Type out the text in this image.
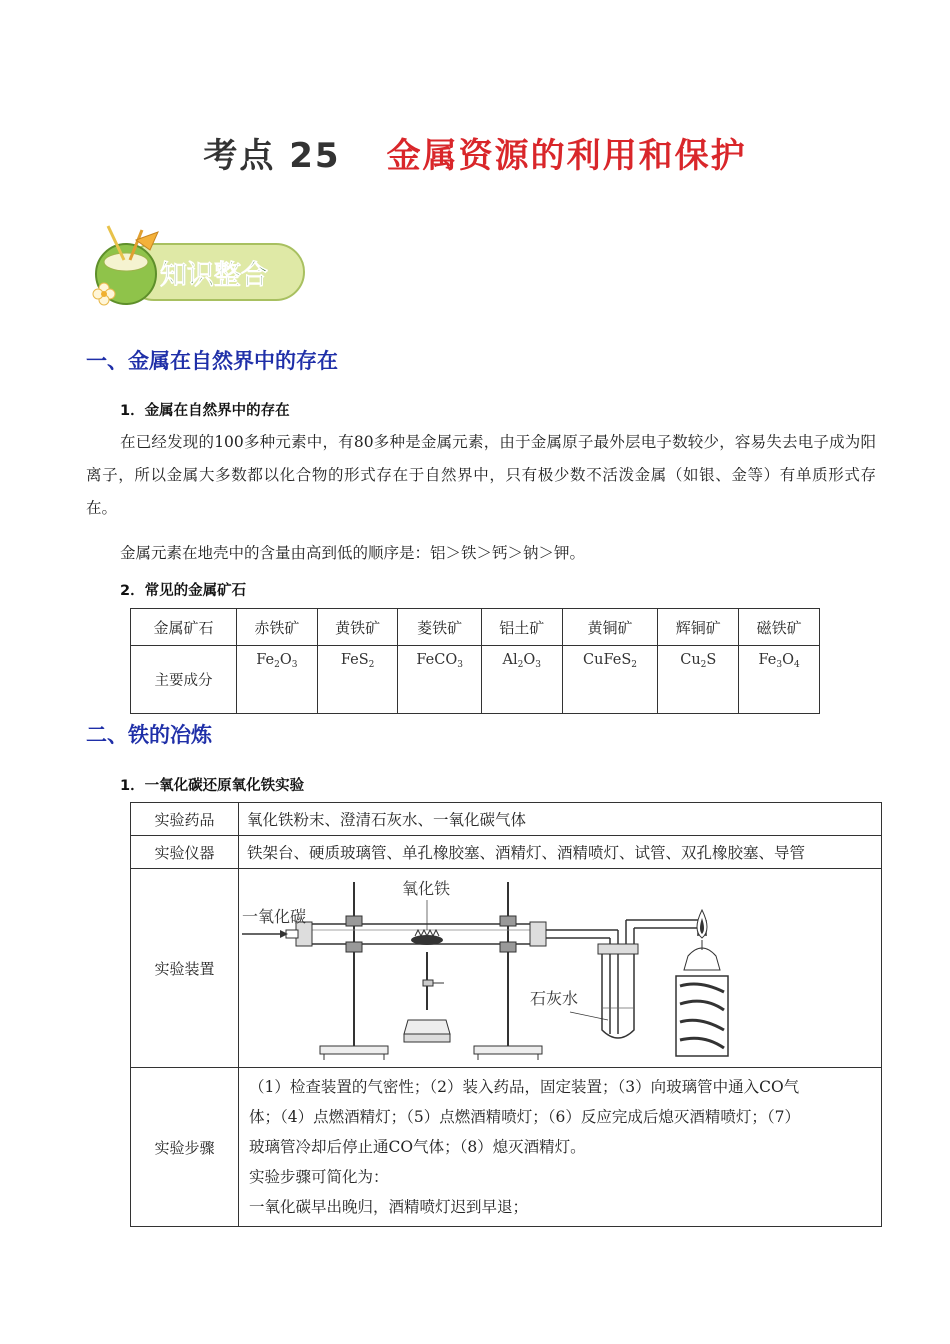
考点 25 金属资源的利用和保护
知识整合
一、金属在自然界中的存在
1．金属在自然界中的存在
在已经发现的100多种元素中，有80多种是金属元素，由于金属原子最外层电子数较少，容易失去电子成为阳离子，所以金属大多数都以化合物的形式存在于自然界中，只有极少数不活泼金属（如银、金等）有单质形式存在。
金属元素在地壳中的含量由高到低的顺序是：铝＞铁＞钙＞钠＞钾。
2．常见的金属矿石
金属矿石	赤铁矿	黄铁矿	菱铁矿	铝土矿	黄铜矿	辉铜矿	磁铁矿
主要成分	$Fe_2O_3$	FeS$_2$	FeCO$_3$	$Al_2O_3$	CuFeS$_2$	$Cu_2S$	$Fe_3O_4$
二、铁的冶炼
1．一氧化碳还原氧化铁实验
实验药品	氧化铁粉末、澄清石灰水、一氧化碳气体
实验仪器	铁架台、硬质玻璃管、单孔橡胶塞、酒精灯、酒精喷灯、试管、双孔橡胶塞、导管
实验装置	一氧化碳
氧化铁
石灰水

实验步骤	（1）检查装置的气密性；（2）装入药品，固定装置；（3）向玻璃管中通入CO气
体；（4）点燃酒精灯；（5）点燃酒精喷灯；（6）反应完成后熄灭酒精喷灯；（7）
玻璃管冷却后停止通CO气体；（8）熄灭酒精灯。
实验步骤可简化为：
一氧化碳早出晚归，酒精喷灯迟到早退；
